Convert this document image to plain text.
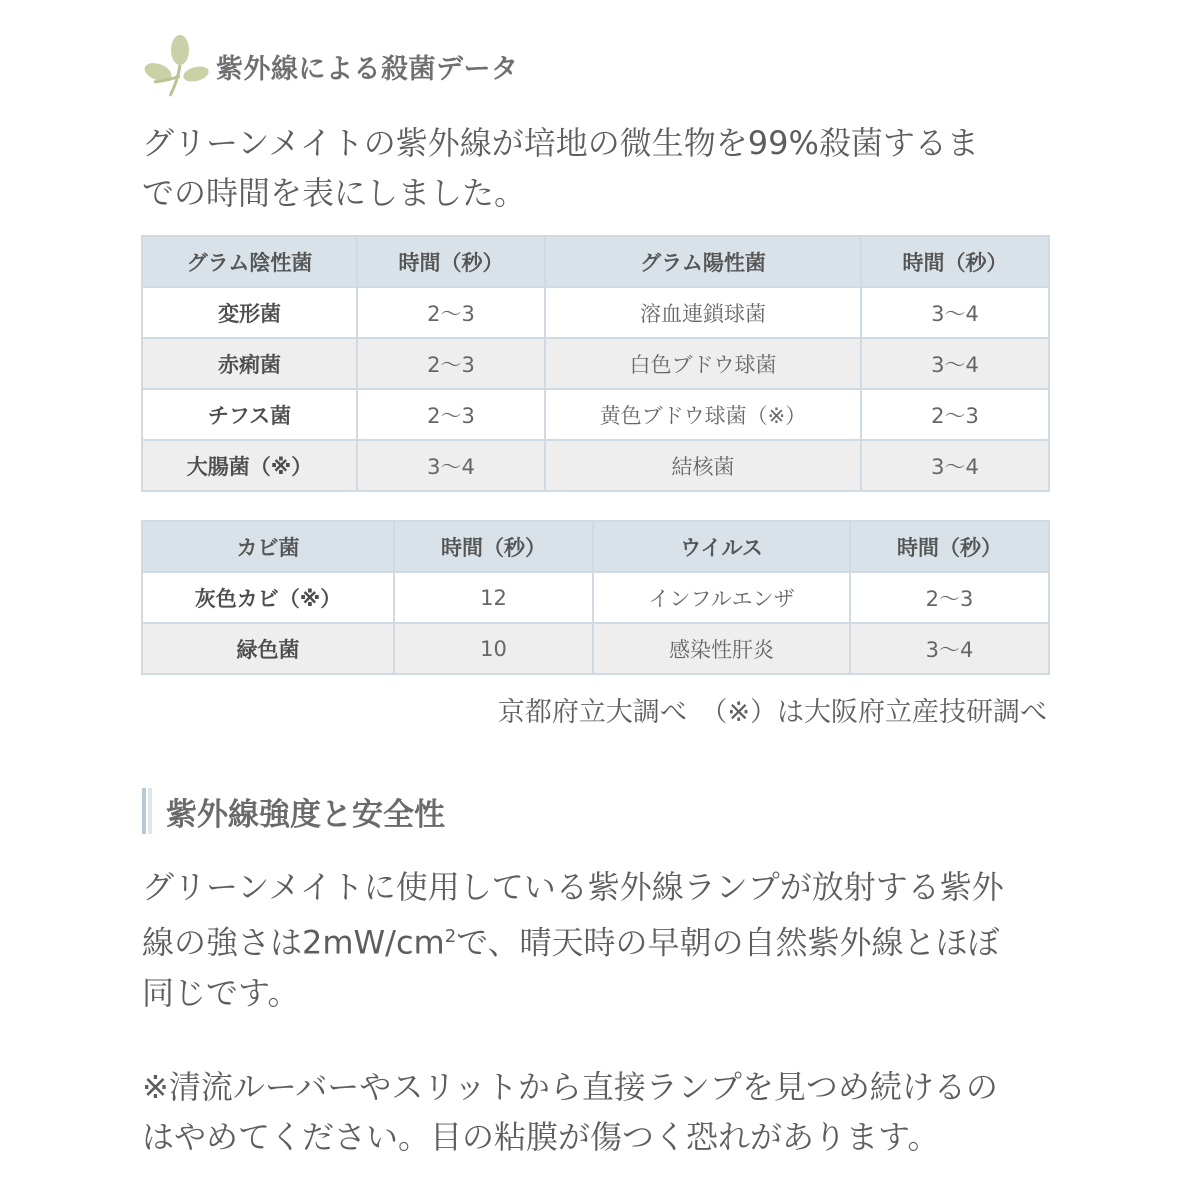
紫外線による殺菌データ

グリーンメイトの紫外線が培地の微生物を99%殺菌するま
での時間を表にしました。

グラム陰性菌	時間（秒）	グラム陽性菌	時間（秒）
変形菌	2〜3	溶血連鎖球菌	3〜4
赤痢菌	2〜3	白色ブドウ球菌	3〜4
チフス菌	2〜3	黄色ブドウ球菌（※）	2〜3
大腸菌（※）	3〜4	結核菌	3〜4
カビ菌	時間（秒）	ウイルス	時間（秒）
灰色カビ（※）	12	インフルエンザ	2〜3
緑色菌	10	感染性肝炎	3〜4
京都府立大調べ　（※）は大阪府立産技研調べ
紫外線強度と安全性

グリーンメイトに使用している紫外線ランプが放射する紫外
線の強さは$2mW/cm^2$で、晴天時の早朝の自然紫外線とほぼ
同じです。

※清流ルーバーやスリットから直接ランプを見つめ続けるの
はやめてください。目の粘膜が傷つく恐れがあります。
